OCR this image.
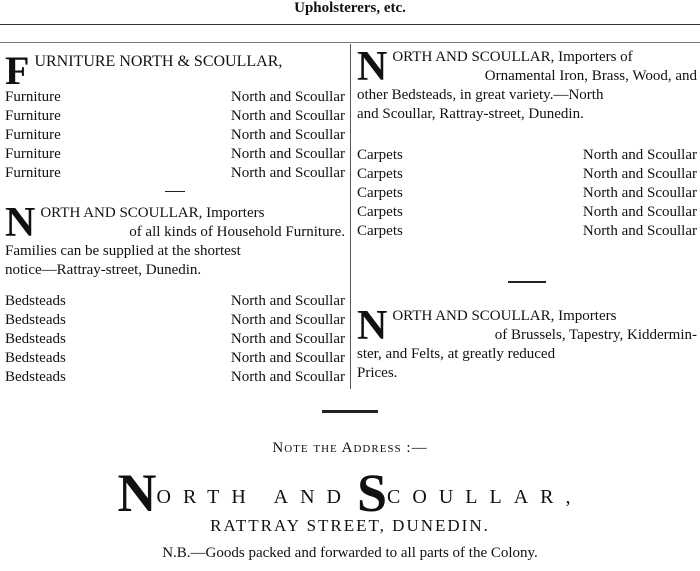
Upholsterers, etc.
F URNITURE NORTH & SCOULLAR,
Furniture	North and Scoullar
Furniture	North and Scoullar
Furniture	North and Scoullar
Furniture	North and Scoullar
Furniture	North and Scoullar
N ORTH AND SCOULLAR, Importers
of all kinds of Household Furniture.
Families can be supplied at the shortest
notice—Rattray-street, Dunedin.
Bedsteads	North and Scoullar
Bedsteads	North and Scoullar
Bedsteads	North and Scoullar
Bedsteads	North and Scoullar
Bedsteads	North and Scoullar
N ORTH AND SCOULLAR, Importers of
Ornamental Iron, Brass, Wood, and
other Bedsteads, in great variety.—North
and Scoullar, Rattray-street, Dunedin.
Carpets	North and Scoullar
Carpets	North and Scoullar
Carpets	North and Scoullar
Carpets	North and Scoullar
Carpets	North and Scoullar
N ORTH AND SCOULLAR, Importers
of Brussels, Tapestry, Kiddermin-
ster, and Felts, at greatly reduced
Prices.
Note the Address :—
NORTH AND SCOULLAR,
RATTRAY STREET, DUNEDIN.
N.B.—Goods packed and forwarded to all parts of the Colony.
